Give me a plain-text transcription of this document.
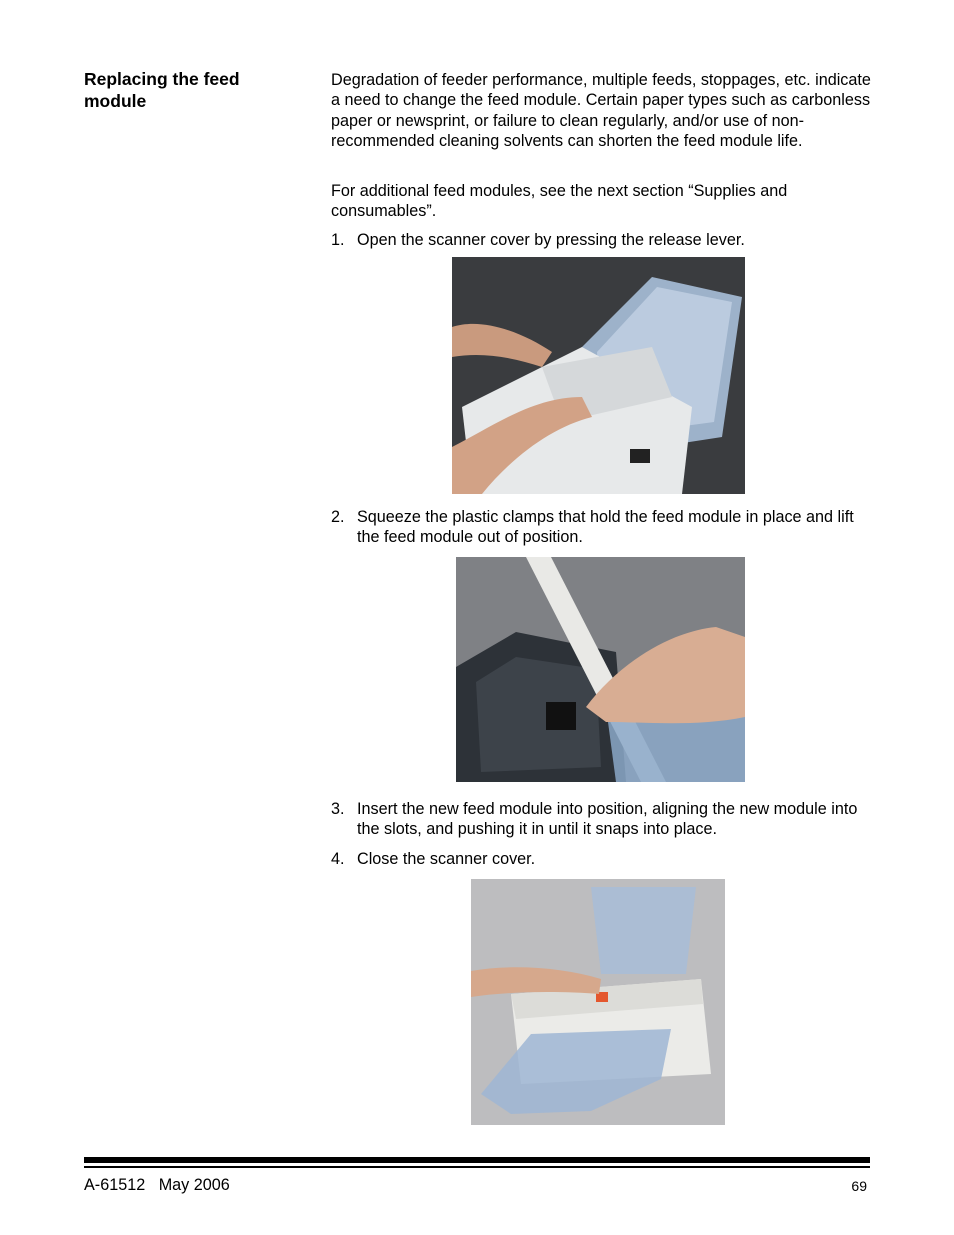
Replacing the feed module
Degradation of feeder performance, multiple feeds, stoppages, etc. indicate a need to change the feed module. Certain paper types such as carbonless paper or newsprint, or failure to clean regularly, and/or use of non-recommended cleaning solvents can shorten the feed module life.
For additional feed modules, see the next section “Supplies and consumables”.
1. Open the scanner cover by pressing the release lever.
2. Squeeze the plastic clamps that hold the feed module in place and lift the feed module out of position.
3. Insert the new feed module into position, aligning the new module into the slots, and pushing it in until it snaps into place.
4. Close the scanner cover.
A-61512   May 2006	69
